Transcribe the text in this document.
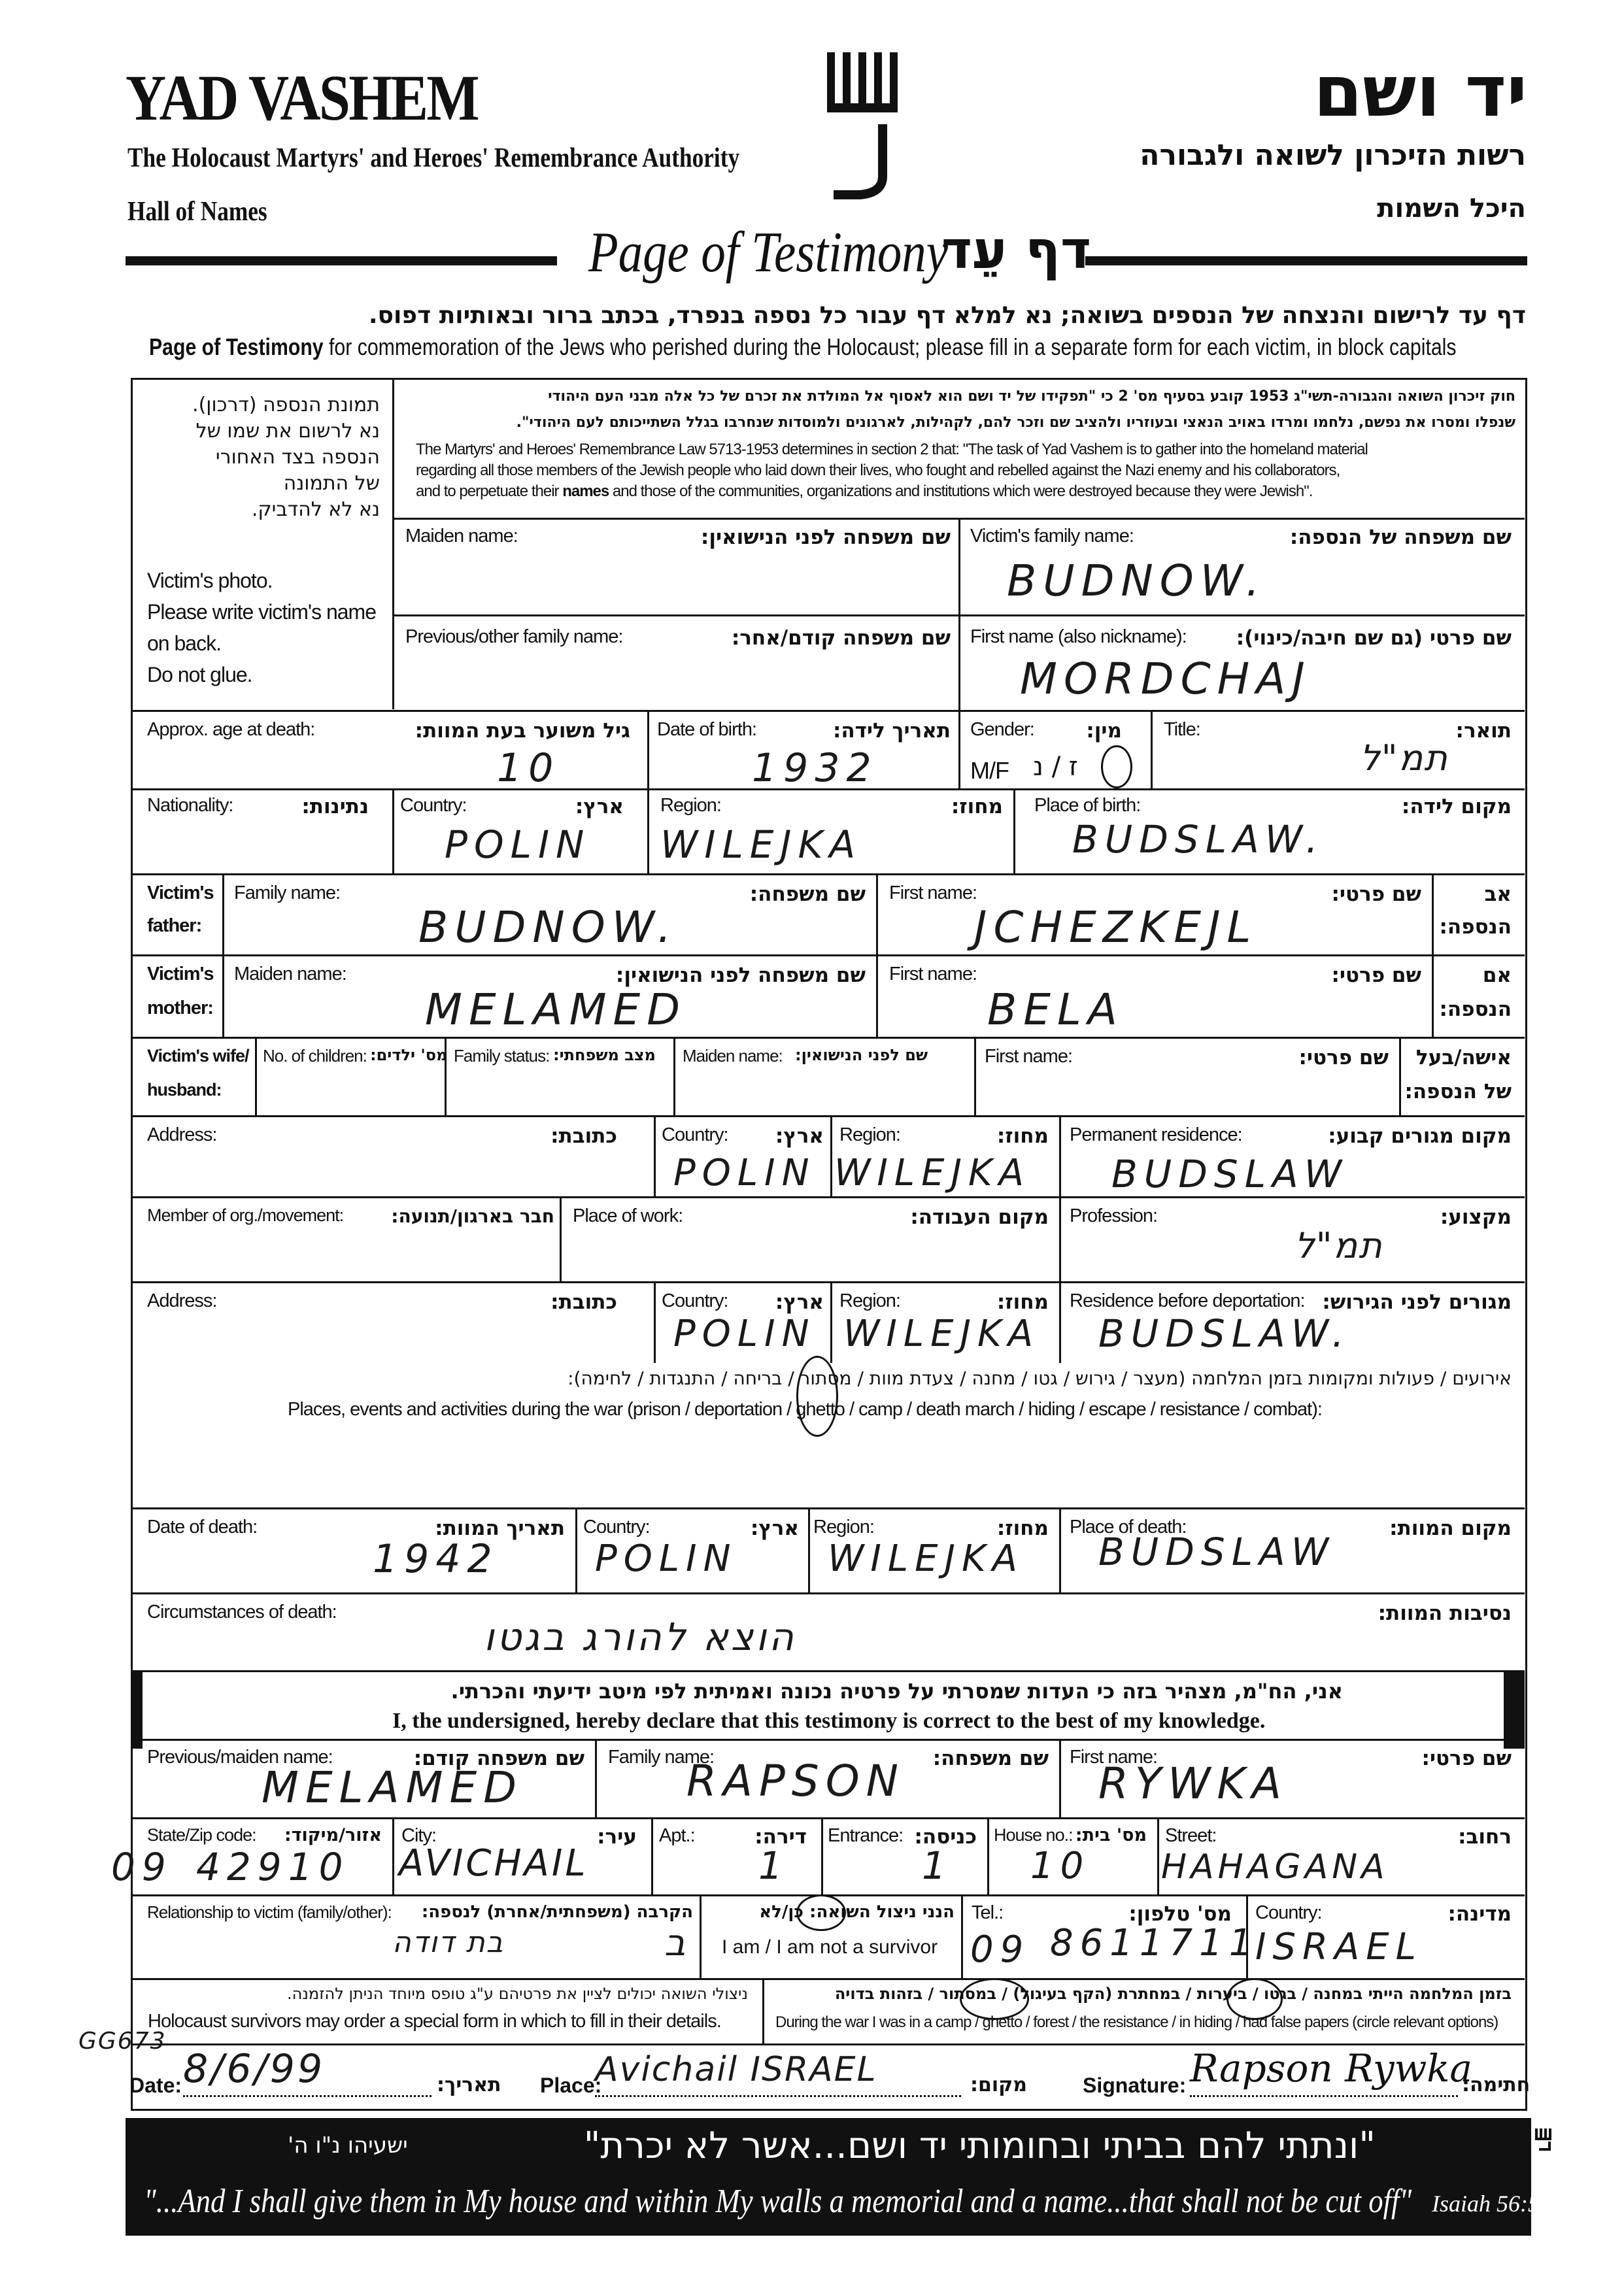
YAD VASHEM
The Holocaust Martyrs' and Heroes' Remembrance Authority
Hall of Names
יד ושם
רשות הזיכרון לשואה ולגבורה
היכל השמות
Page of Testimony
דף עֵד
דף עד לרישום והנצחה של הנספים בשואה; נא למלא דף עבור כל נספה בנפרד, בכתב ברור ובאותיות דפוס.
Page of Testimony for commemoration of the Jews who perished during the Holocaust; please fill in a separate form for each victim, in block capitals
תמונת הנספה (דרכון).
נא לרשום את שמו של
הנספה בצד האחורי
של התמונה
נא לא להדביק.
Victim's photo.
Please write victim's name
on back.
Do not glue.
חוק זיכרון השואה והגבורה-תשי"ג 1953 קובע בסעיף מס' 2 כי "תפקידו של יד ושם הוא לאסוף אל המולדת את זכרם של כל אלה מבני העם היהודי
שנפלו ומסרו את נפשם, נלחמו ומרדו באויב הנאצי ובעוזריו ולהציב שם וזכר להם, לקהילות, לארגונים ולמוסדות שנחרבו בגלל השתייכותם לעם היהודי".
The Martyrs' and Heroes' Remembrance Law 5713-1953 determines in section 2 that: "The task of Yad Vashem is to gather into the homeland material
regarding all those members of the Jewish people who laid down their lives, who fought and rebelled against the Nazi enemy and his collaborators,
and to perpetuate their names and those of the communities, organizations and institutions which were destroyed because they were Jewish".
Maiden name:	שם משפחה לפני הנישואין: Victim's family name:	שם משפחה של הנספה:
BUDNOW.
Previous/other family name:	שם משפחה קודם/אחר: First name (also nickname): שם פרטי (גם שם חיבה/כינוי):
MORDCHAJ
Approx. age at death:	גיל משוער בעת המוות:
10
Date of birth:	תאריך לידה:
1932
Gender:	מין:
M/F ז / נ
Title:	תואר:
תמ"ל
Nationality:	נתינות: Country:	ארץ:
POLIN
Region:	מחוז:
WILEJKA
Place of birth:	מקום לידה:
BUDSLAW.
Victim's
father:
Family name:	שם משפחה:
BUDNOW.
First name:	שם פרטי:
JCHEZKEJL
אב
הנספה:
Victim's
mother:
Maiden name:	שם משפחה לפני הנישואין:
MELAMED
First name:	שם פרטי:
BELA
אם
הנספה:
Victim's wife/
husband:
No. of children: מס' ילדים: Family status: מצב משפחתי: Maiden name: שם לפני הנישואין:	First name:	שם פרטי: אישה/בעל
של הנספה:
Address:	כתובת: Country: ארץ:
POLIN
Region:	מחוז:
WILEJKA
Permanent residence:	מקום מגורים קבוע:
BUDSLAW
Member of org./movement:	חבר בארגון/תנועה: Place of work:	מקום העבודה: Profession:	מקצוע:
תמ"ל
Address:	כתובת: Country: ארץ:
POLIN
Region:	מחוז:
WILEJKA
Residence before deportation: מגורים לפני הגירוש:
BUDSLAW.
אירועים / פעולות ומקומות בזמן המלחמה (מעצר / גירוש / גטו / מחנה / צעדת מוות / מסתור / בריחה / התנגדות / לחימה):
Places, events and activities during the war (prison / deportation / ghetto / camp / death march / hiding / escape / resistance / combat):
Date of death:	תאריך המוות:
1942
Country:	ארץ:
POLIN
Region:	מחוז:
WILEJKA
Place of death:	מקום המוות:
BUDSLAW
Circumstances of death:	נסיבות המוות:
הוצא להורג בגטו
אני, הח"מ, מצהיר בזה כי העדות שמסרתי על פרטיה נכונה ואמיתית לפי מיטב ידיעתי והכרתי.
I, the undersigned, hereby declare that this testimony is correct to the best of my knowledge.
Previous/maiden name:	שם משפחה קודם:
MELAMED
Family name:	שם משפחה:
RAPSON	First name:	שם פרטי:
RYWKA
State/Zip code: אזור/מיקוד:
09 42910
City:	עיר:
AVICHAIL
Apt.:	דירה:
1
Entrance: כניסה:
1
House no.: מס' בית:
10
Street:	רחוב:
HAHAGANA
Relationship to victim (family/other): הקרבה (משפחתית/אחרת) לנספה:
בת דודה
הנני ניצול השואה: כן/לא
I am / I am not a survivor
ב
Tel.:	מס' טלפון:
09 8611711
Country:	מדינה:
ISRAEL
ניצולי השואה יכולים לציין את פרטיהם ע"ג טופס מיוחד הניתן להזמנה.
Holocaust survivors may order a special form in which to fill in their details.
בזמן המלחמה הייתי במחנה / בגטו / ביערות / במחתרת (הקף בעיגול) / במסתור / בזהות בדויה
During the war I was in a camp / ghetto / forest / the resistance / in hiding / had false papers (circle relevant options)
GG673
Date: 8/6/99	תאריך: Place:
Avichail ISRAEL	מקום:	Signature: Rapson Rywka
חתימה:
"ונתתי להם בביתי ובחומותי יד ושם...אשר לא יכרת"
ישעיהו נ"ו ה'
"...And I shall give them in My house and within My walls a memorial and a name...that shall not be cut off" Isaiah 56:5
